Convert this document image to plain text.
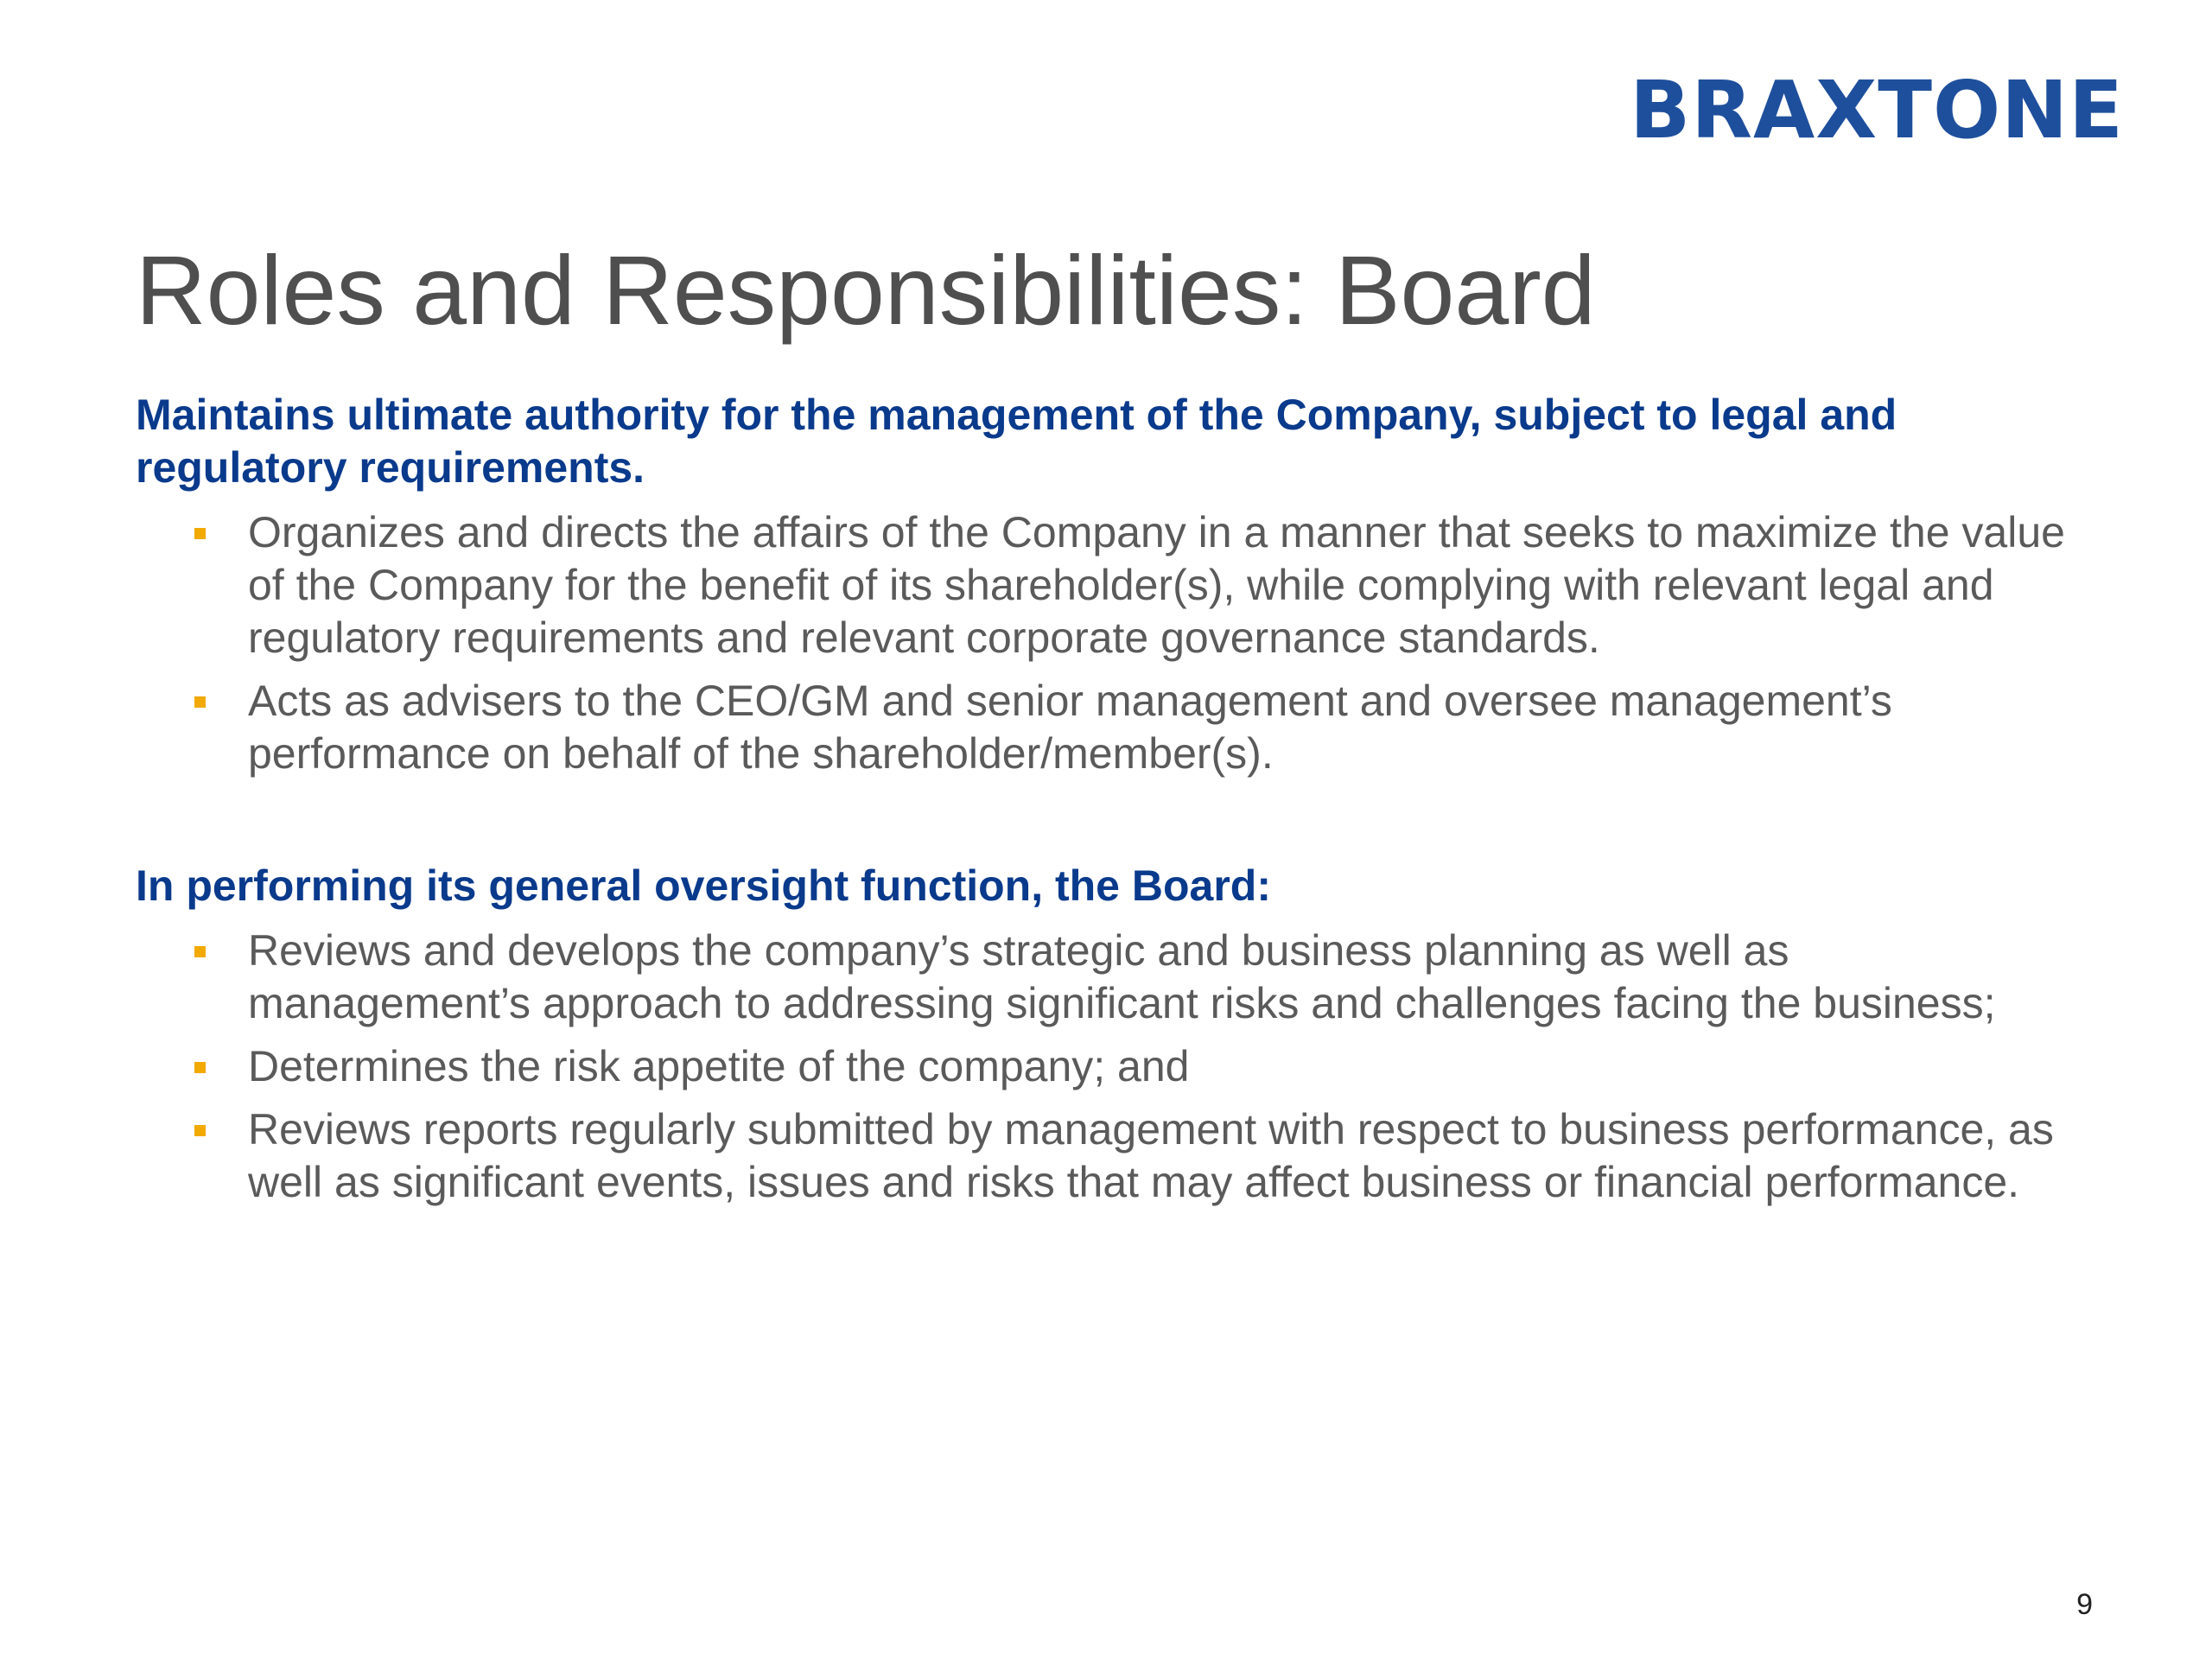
BRAXTONE
Roles and Responsibilities: Board

Maintains ultimate authority for the management of the Company, subject to legal and regulatory requirements.

Organizes and directs the affairs of the Company in a manner that seeks to maximize the value of the Company for the benefit of its shareholder(s), while complying with relevant legal and regulatory requirements and relevant corporate governance standards.
Acts as advisers to the CEO/GM and senior management and oversee management’s performance on behalf of the shareholder/member(s).

In performing its general oversight function, the Board:

Reviews and develops the company’s strategic and business planning as well as management’s approach to addressing significant risks and challenges facing the business;
Determines the risk appetite of the company; and
Reviews reports regularly submitted by management with respect to business performance, as well as significant events, issues and risks that may affect business or financial performance.
9
